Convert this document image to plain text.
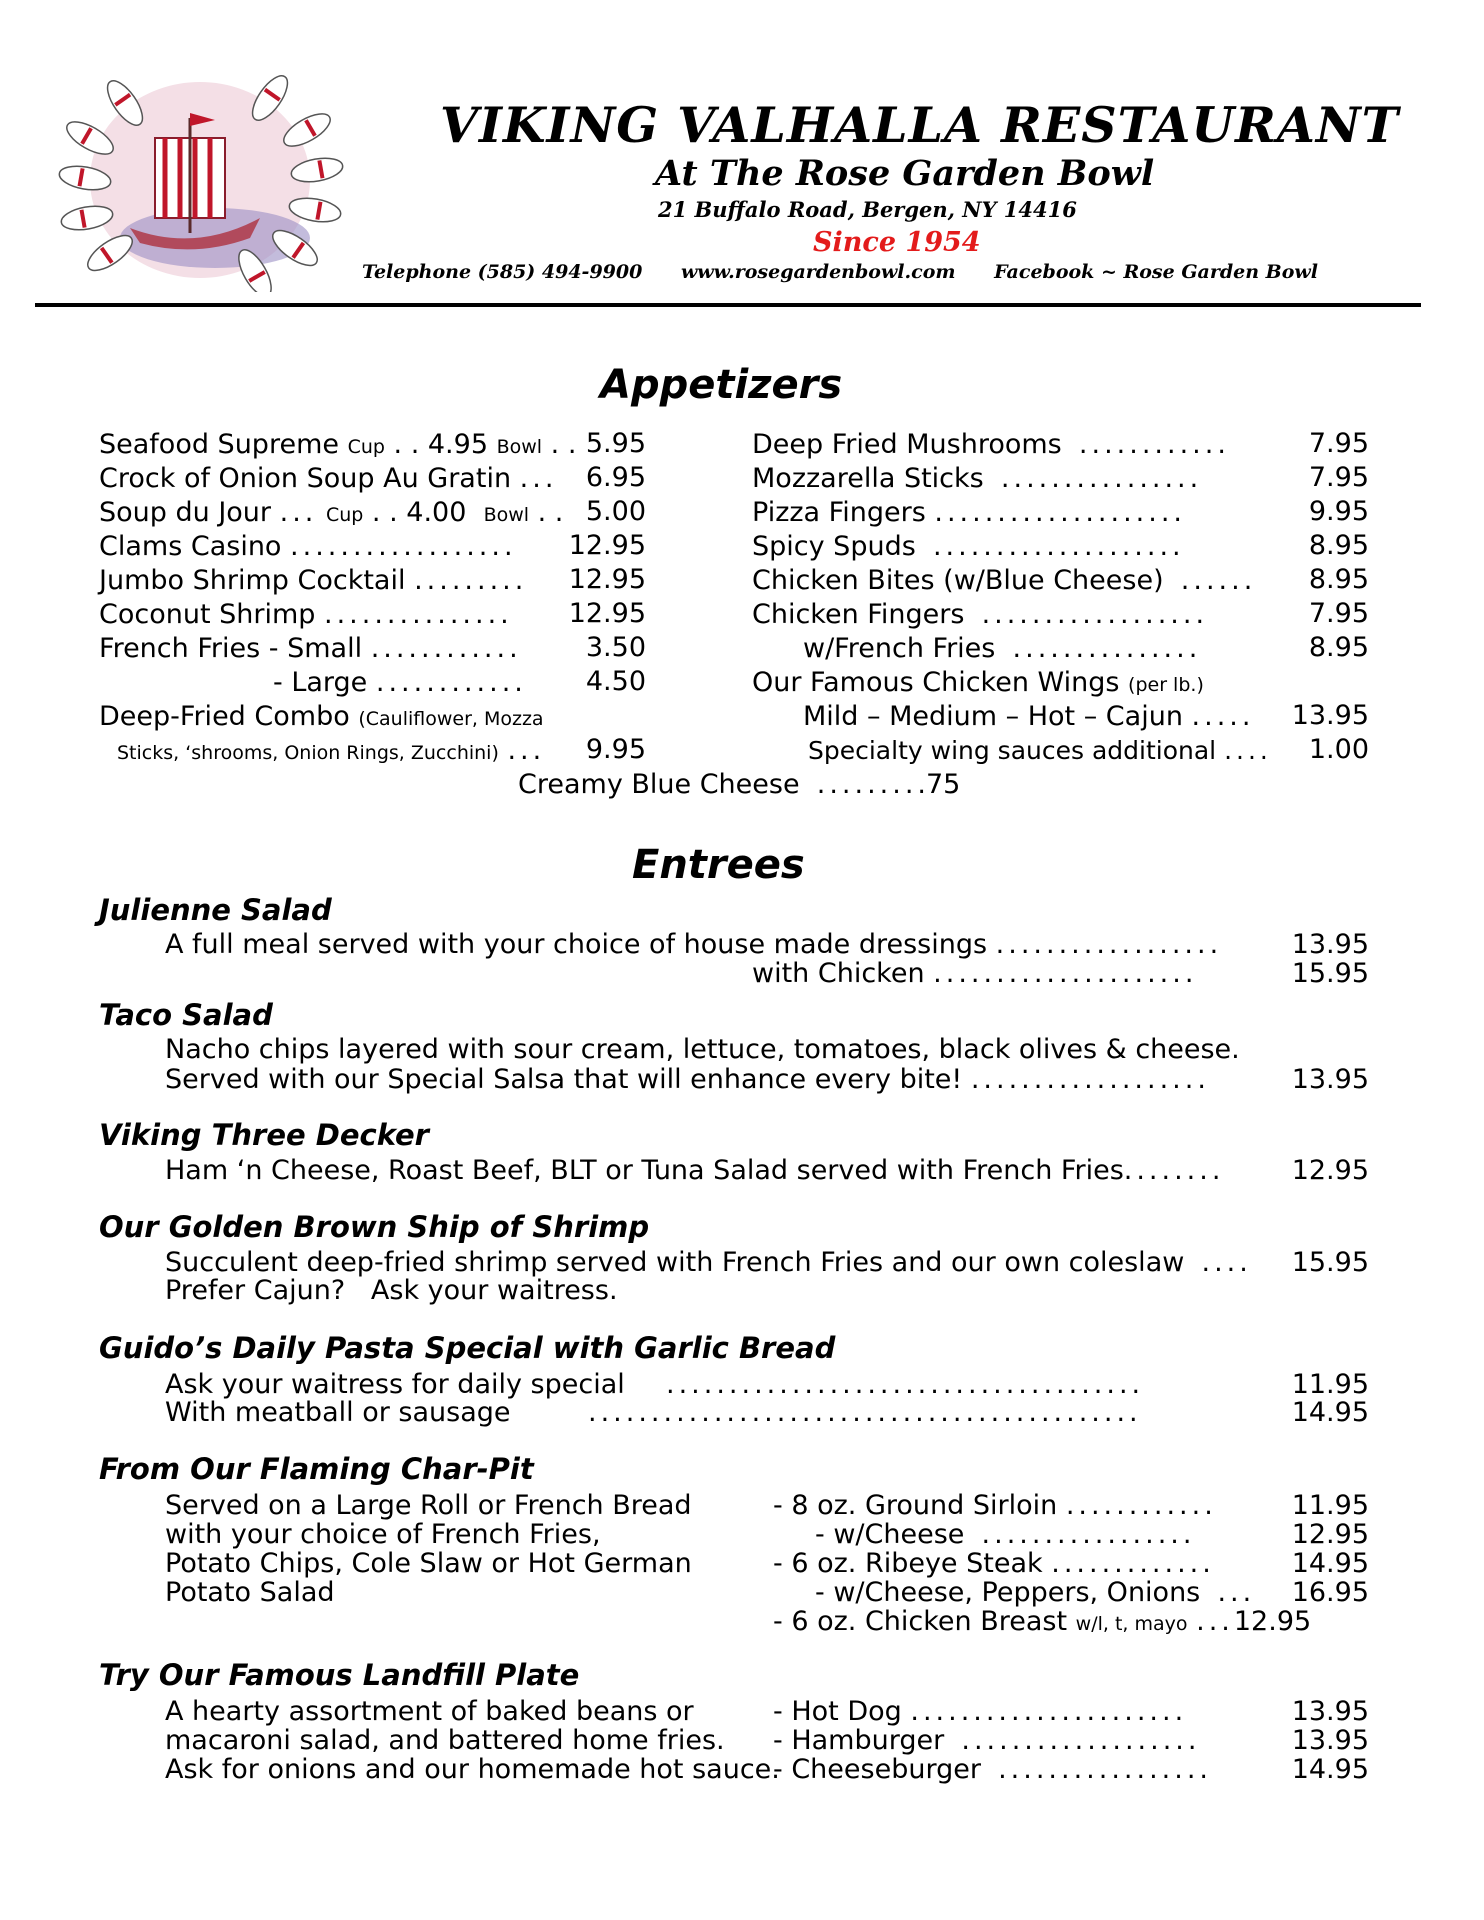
VIKING VALHALLA RESTAURANT
At The Rose Garden Bowl
21 Buffalo Road, Bergen, NY 14416
Since 1954
Telephone (585) 494-9900 www.rosegardenbowl.com Facebook ~ Rose Garden Bowl
Appetizers
Seafood Supreme Cup . . 4.95 Bowl . . 5.95
Crock of Onion Soup Au Gratin ... 6.95
Soup du Jour ... Cup . . 4.00 Bowl . . 5.00
Clams Casino .................. 12.95
Jumbo Shrimp Cocktail ......... 12.95
Coconut Shrimp ............... 12.95
French Fries - Small ............ 3.50
- Large ............ 4.50
Deep-Fried Combo (Cauliflower, Mozza
Sticks, ‘shrooms, Onion Rings, Zucchini) ... 9.95
Deep Fried Mushrooms ............	7.95
Mozzarella Sticks ................	7.95
Pizza Fingers ....................	9.95
Spicy Spuds ....................	8.95
Chicken Bites (w/Blue Cheese) ...... 8.95
Chicken Fingers ..................	7.95
w/French Fries ...............	8.95
Our Famous Chicken Wings (per lb.)
Mild – Medium – Hot – Cajun ..... 13.95
Specialty wing sauces additional .... 1.00
Creamy Blue Cheese .........75
Entrees
Julienne Salad
A full meal served with your choice of house made dressings ..................	13.95
with Chicken .....................	15.95
Taco Salad
Nacho chips layered with sour cream, lettuce, tomatoes, black olives & cheese.
Served with our Special Salsa that will enhance every bite! ...................	13.95
Viking Three Decker
Ham ‘n Cheese, Roast Beef, BLT or Tuna Salad served with French Fries........ 12.95
Our Golden Brown Ship of Shrimp
Succulent deep-fried shrimp served with French Fries and our own coleslaw .... 15.95
Prefer Cajun?   Ask your waitress.
Guido’s Daily Pasta Special with Garlic Bread
Ask your waitress for daily special ......................................	11.95
With meatball or sausage	............................................	14.95
From Our Flaming Char-Pit
Served on a Large Roll or French Bread
with your choice of French Fries,
Potato Chips, Cole Slaw or Hot German
Potato Salad
- 8 oz. Ground Sirloin ............	11.95
- w/Cheese .................	12.95
- 6 oz. Ribeye Steak .............	14.95
- w/Cheese, Peppers, Onions ... 16.95
- 6 oz. Chicken Breast w/l, t, mayo ...12.95
Try Our Famous Landfill Plate
A hearty assortment of baked beans or
macaroni salad, and battered home fries.
Ask for onions and our homemade hot sauce.
- Hot Dog ......................	13.95
- Hamburger ...................	13.95
- Cheeseburger .................	14.95
